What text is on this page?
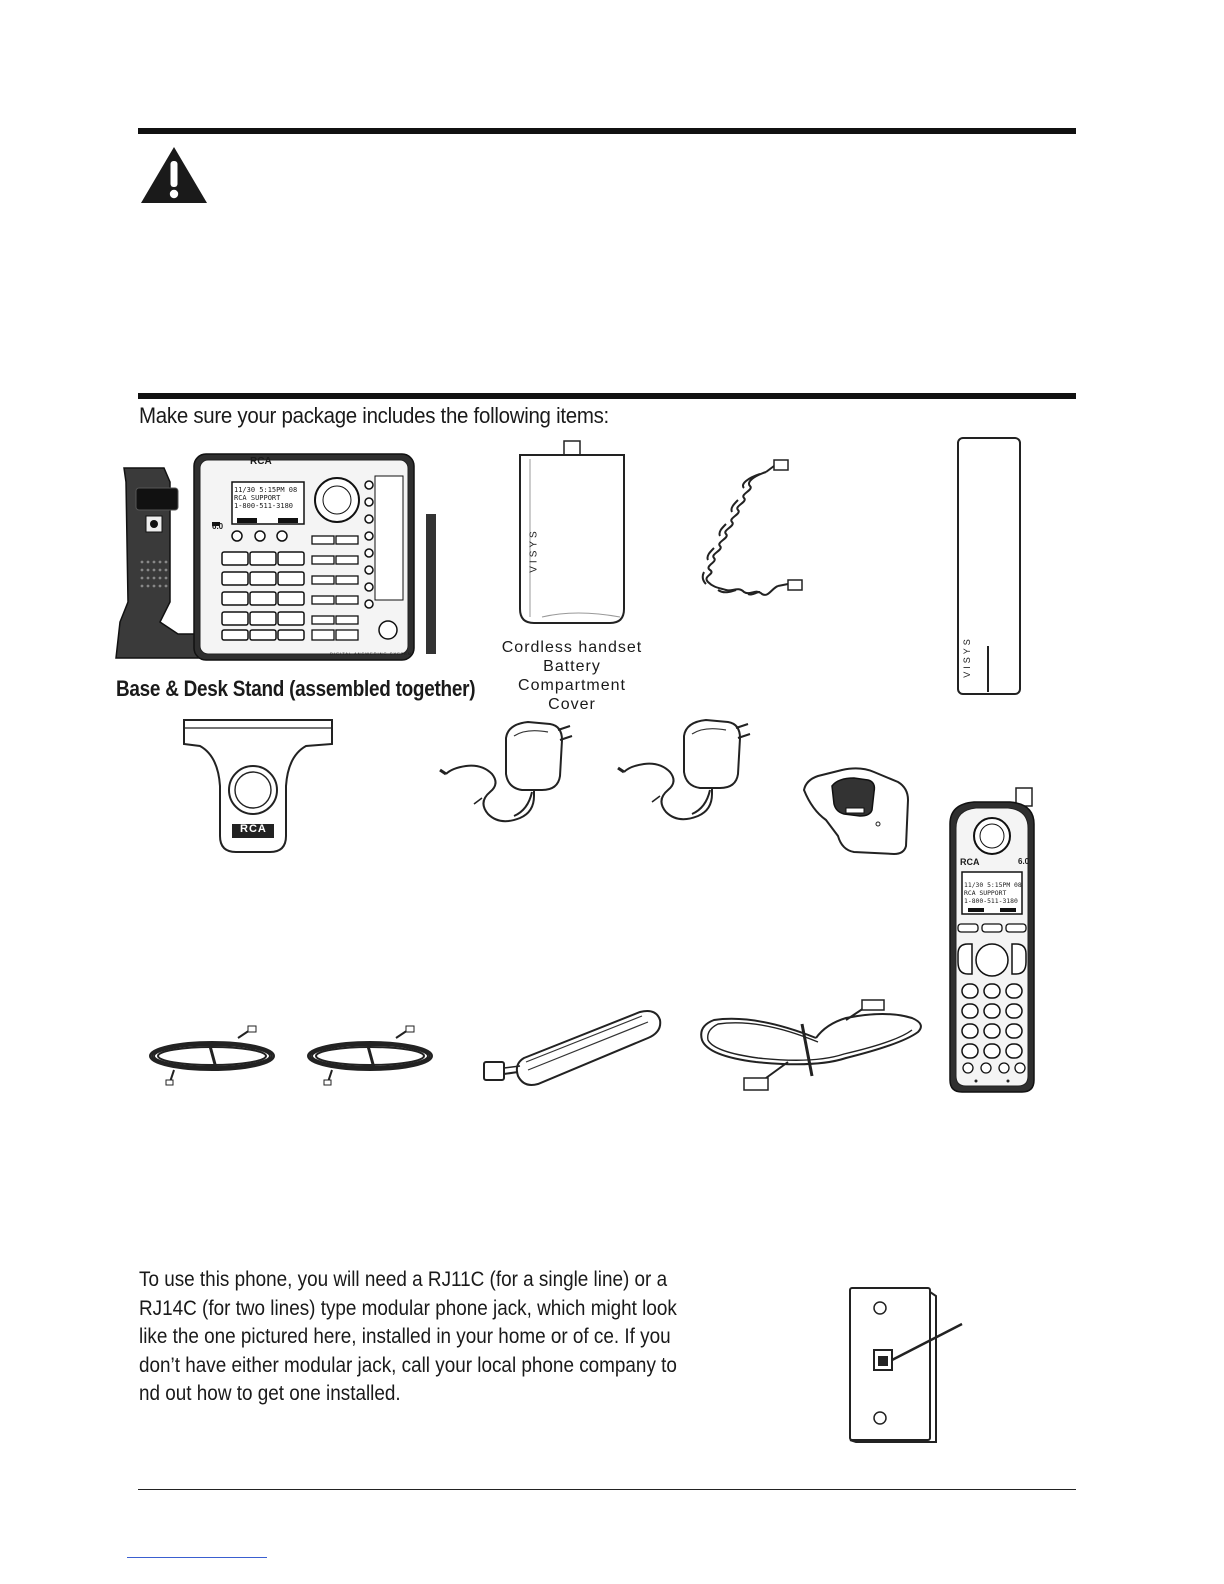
Make sure your package includes the following items:
RCA
6.0
11/30 5:15PM 08
RCA SUPPORT
1-800-511-3180
DIGITAL ANSWERING SYSTEM
Base & Desk Stand (assembled together)
VISYS
Cordless handset
Battery
Compartment
Cover
VISYS
RCA
RCA	6.0
11/30 5:15PM 08
RCA SUPPORT
1-800-511-3180
To use this phone, you will need a RJ11C (for a single line) or a
RJ14C (for two lines) type modular phone jack, which might look
like the one pictured here, installed in your home or of ce. If you
don’t have either modular jack, call your local phone company to
nd out how to get one installed.
